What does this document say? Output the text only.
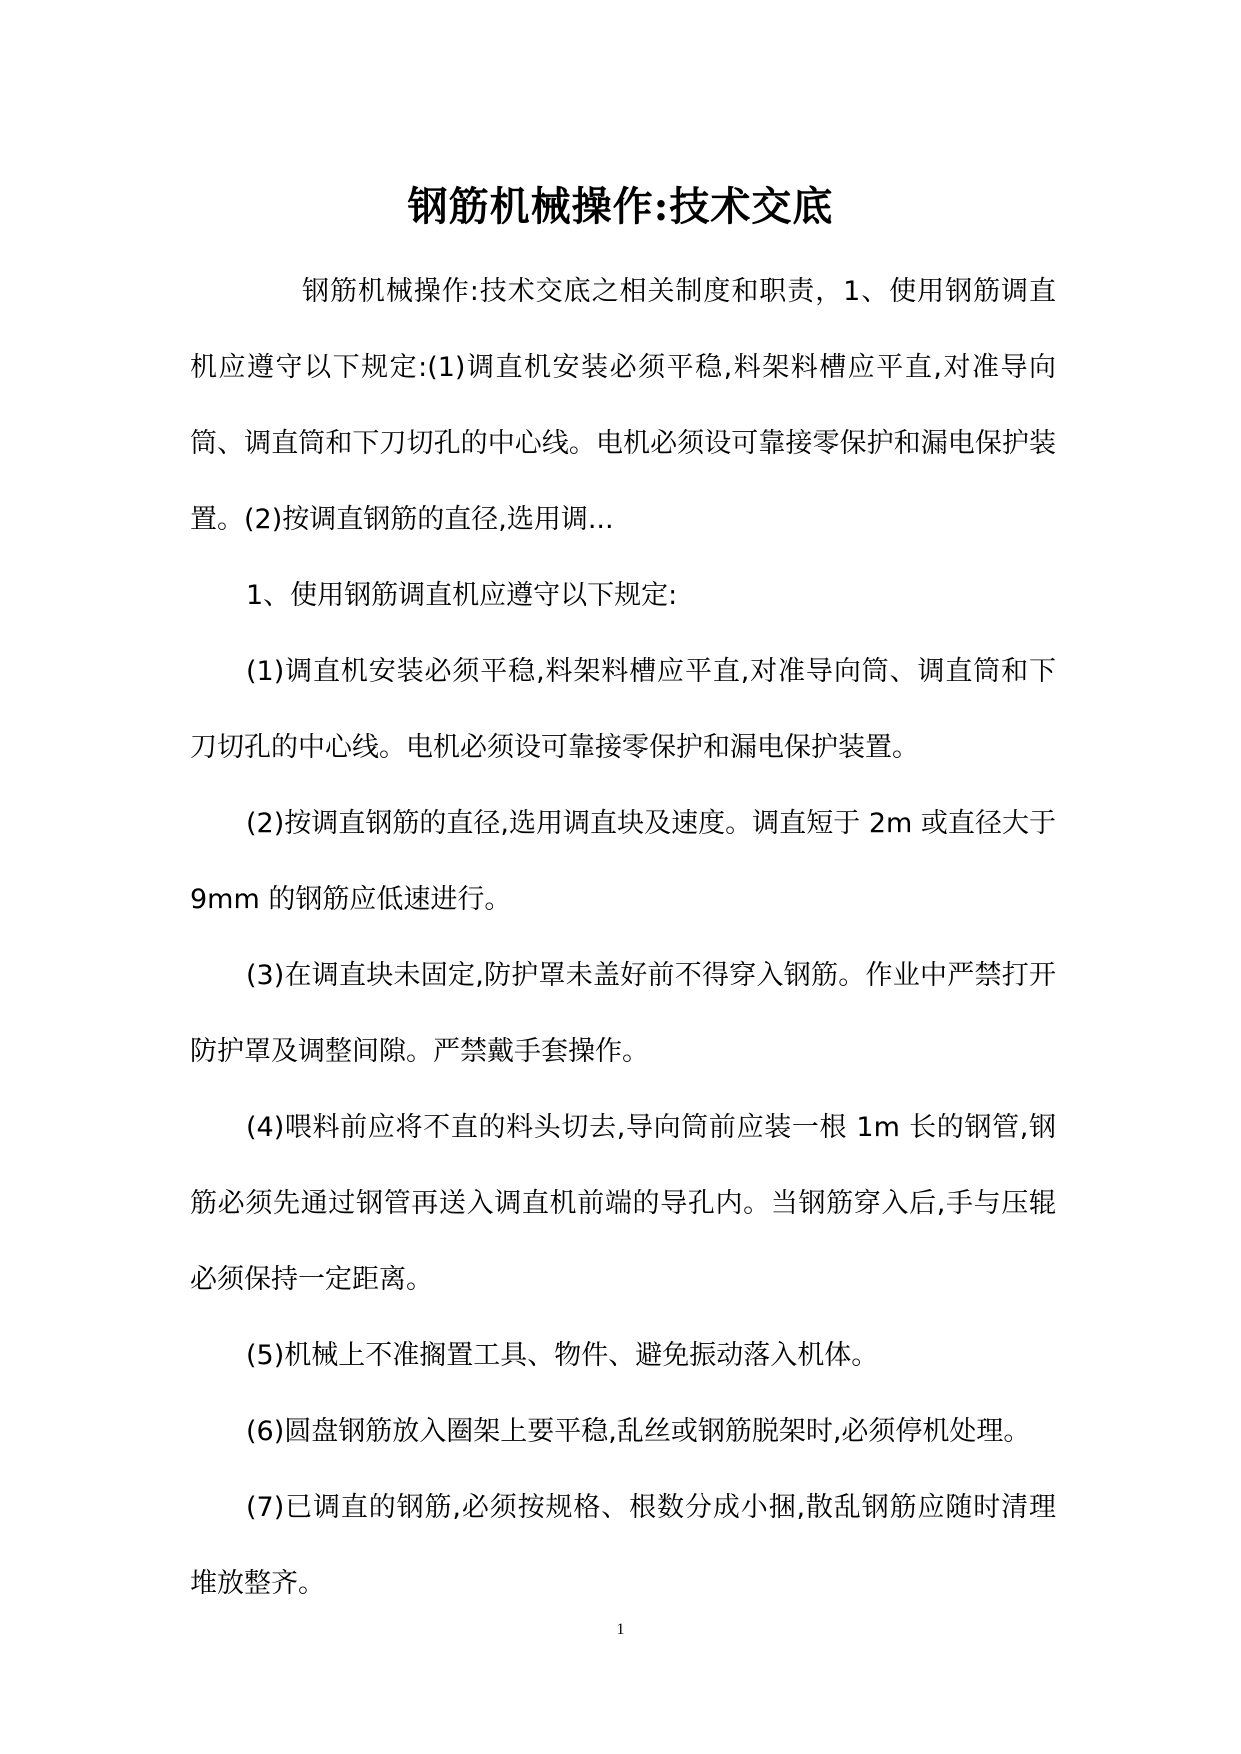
钢筋机械操作:技术交底

钢筋机械操作:技术交底之相关制度和职责，1、使用钢筋调直机应遵守以下规定:(1)调直机安装必须平稳,料架料槽应平直,对准导向筒、调直筒和下刀切孔的中心线。电机必须设可靠接零保护和漏电保护装置。(2)按调直钢筋的直径,选用调...

1、使用钢筋调直机应遵守以下规定:

(1)调直机安装必须平稳,料架料槽应平直,对准导向筒、调直筒和下刀切孔的中心线。电机必须设可靠接零保护和漏电保护装置。

(2)按调直钢筋的直径,选用调直块及速度。调直短于 2m 或直径大于 9mm 的钢筋应低速进行。

(3)在调直块未固定,防护罩未盖好前不得穿入钢筋。作业中严禁打开防护罩及调整间隙。严禁戴手套操作。

(4)喂料前应将不直的料头切去,导向筒前应装一根 1m 长的钢管,钢筋必须先通过钢管再送入调直机前端的导孔内。当钢筋穿入后,手与压辊必须保持一定距离。

(5)机械上不准搁置工具、物件、避免振动落入机体。

(6)圆盘钢筋放入圈架上要平稳,乱丝或钢筋脱架时,必须停机处理。

(7)已调直的钢筋,必须按规格、根数分成小捆,散乱钢筋应随时清理堆放整齐。

1
